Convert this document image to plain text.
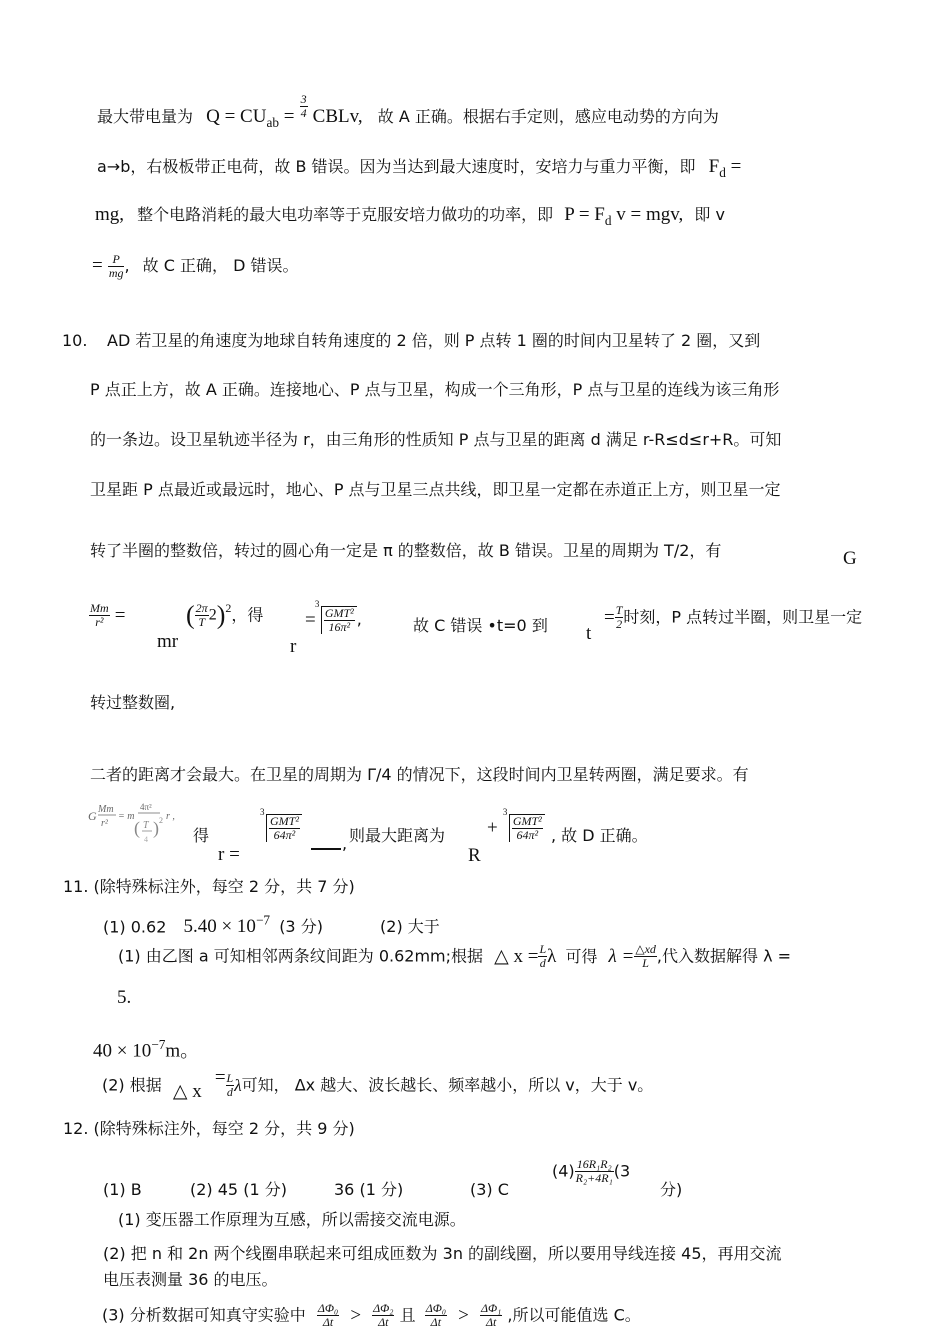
最大带电量为 $Q = CU_{ab} = \frac{3}{4}$ CBLv, 故 A 正确。根据右手定则，感应电动势的方向为
a→b，右极板带正电荷，故 B 错误。因为当达到最大速度时，安培力与重力平衡，即 $F_d$ =
mg, 整个电路消耗的最大电功率等于克服安培力做功的功率，即 $P = F_d$ v = mgv, 即 v
= $\frac{P}{mg}$ , 故 C 正确， D 错误。
10. AD 若卫星的角速度为地球自转角速度的 2 倍，则 P 点转 1 圈的时间内卫星转了 2 圈，又到
P 点正上方，故 A 正确。连接地心、P 点与卫星，构成一个三角形，P 点与卫星的连线为该三角形
的一条边。设卫星轨迹半径为 r，由三角形的性质知 P 点与卫星的距离 d 满足 r-R≤d≤r+R。可知
卫星距 P 点最近或最远时，地心、P 点与卫星三点共线，即卫星一定都在赤道正上方，则卫星一定
转了半圈的整数倍，转过的圆心角一定是 π 的整数倍，故 B 错误。卫星的周期为 T/2，有	G
$\frac{Mm}{\text{r²}}$ =
mr
( $\frac{2\pi}{T} 2)^2$，得
r
=
3
$\frac{\text{GMT²}}{\text{16π²}}$ ,	故 C 错误 •t=0 到 t
= $\frac{T}{2}$ 时刻，P 点转过半圈，则卫星一定
转过整数圈,
二者的距离才会最大。在卫星的周期为 Γ/4 的情况下，这段时间内卫星转两圈，满足要求。有
G Mm
r²
= m
4π²
( T
4
) 2 r ,
得
r =
3
$\frac{\text{GMT²}}{\text{64π²}}$
, 则最大距离为
R
+
3
$\frac{\text{GMT²}}{\text{64π²}}$ , 故 D 正确。
11. (除特殊标注外，每空 2 分，共 7 分)
(1) 0.62 $5.40 \times 10^{-7}$ (3 分)	(2) 大于
(1) 由乙图 a 可知相邻两条纹间距为 0.62mm;根据 △ $x = \frac{L}{d}$ λ 可得 $\lambda = \frac{\triangle xd}{L}$ ,代入数据解得 λ =
5.
$40 \times 10^{-7}m$。
(2) 根据 △ $x = \frac{L}{d}$ λ可知， Δx 越大、波长越长、频率越小，所以 v，大于 v。
12. (除特殊标注外，每空 2 分，共 9 分)
(1) B	(2) 45 (1 分)	36 (1 分)	(3) C
$(4) \frac{\text{16R₁R₂}}{\text{R₂+4R₁}} (3$
分)
(1) 变压器工作原理为互感，所以需接交流电源。
(2) 把 n 和 2n 两个线圈串联起来可组成匝数为 3n 的副线圈，所以要用导线连接 45，再用交流
电压表测量 36 的电压。
(3) 分析数据可知真守实验中 $\frac{\text{ΔΦ₀}}{\Delta t} > \frac{\text{ΔΦ₂}}{\Delta t}$ 且 $\frac{\text{ΔΦ₀}}{\Delta t} > \frac{\text{ΔΦ₁}}{\Delta t}$ ,所以可能值选 C。
